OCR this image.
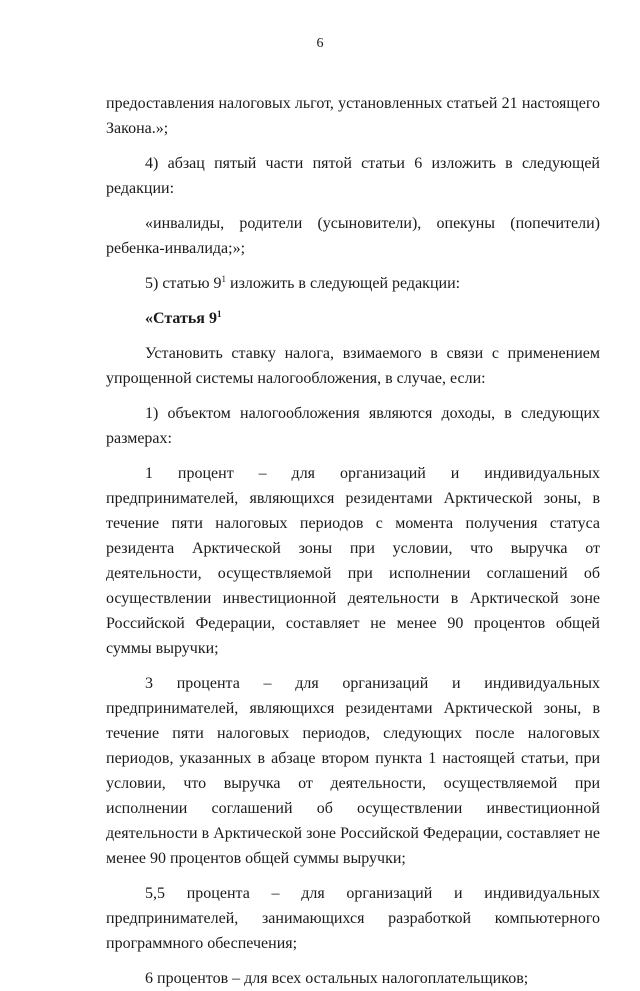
6

предоставления налоговых льгот, установленных статьей 21 настоящего Закона.»;

4) абзац пятый части пятой статьи 6 изложить в следующей редакции:

«инвалиды, родители (усыновители), опекуны (попечители) ребенка-инвалида;»;

5) статью $9^1$ изложить в следующей редакции:

«Статья $9^1$

Установить ставку налога, взимаемого в связи с применением упрощенной системы налогообложения, в случае, если:

1) объектом налогообложения являются доходы, в следующих размерах:

1 процент – для организаций и индивидуальных предпринимателей, являющихся резидентами Арктической зоны, в течение пяти налоговых периодов с момента получения статуса резидента Арктической зоны при условии, что выручка от деятельности, осуществляемой при исполнении соглашений об осуществлении инвестиционной деятельности в Арктической зоне Российской Федерации, составляет не менее 90 процентов общей суммы выручки;

3 процента – для организаций и индивидуальных предпринимателей, являющихся резидентами Арктической зоны, в течение пяти налоговых периодов, следующих после налоговых периодов, указанных в абзаце втором пункта 1 настоящей статьи, при условии, что выручка от деятельности, осуществляемой при исполнении соглашений об осуществлении инвестиционной деятельности в Арктической зоне Российской Федерации, составляет не менее 90 процентов общей суммы выручки;

5,5 процента – для организаций и индивидуальных предпринимателей, занимающихся разработкой компьютерного программного обеспечения;

6 процентов – для всех остальных налогоплательщиков;
